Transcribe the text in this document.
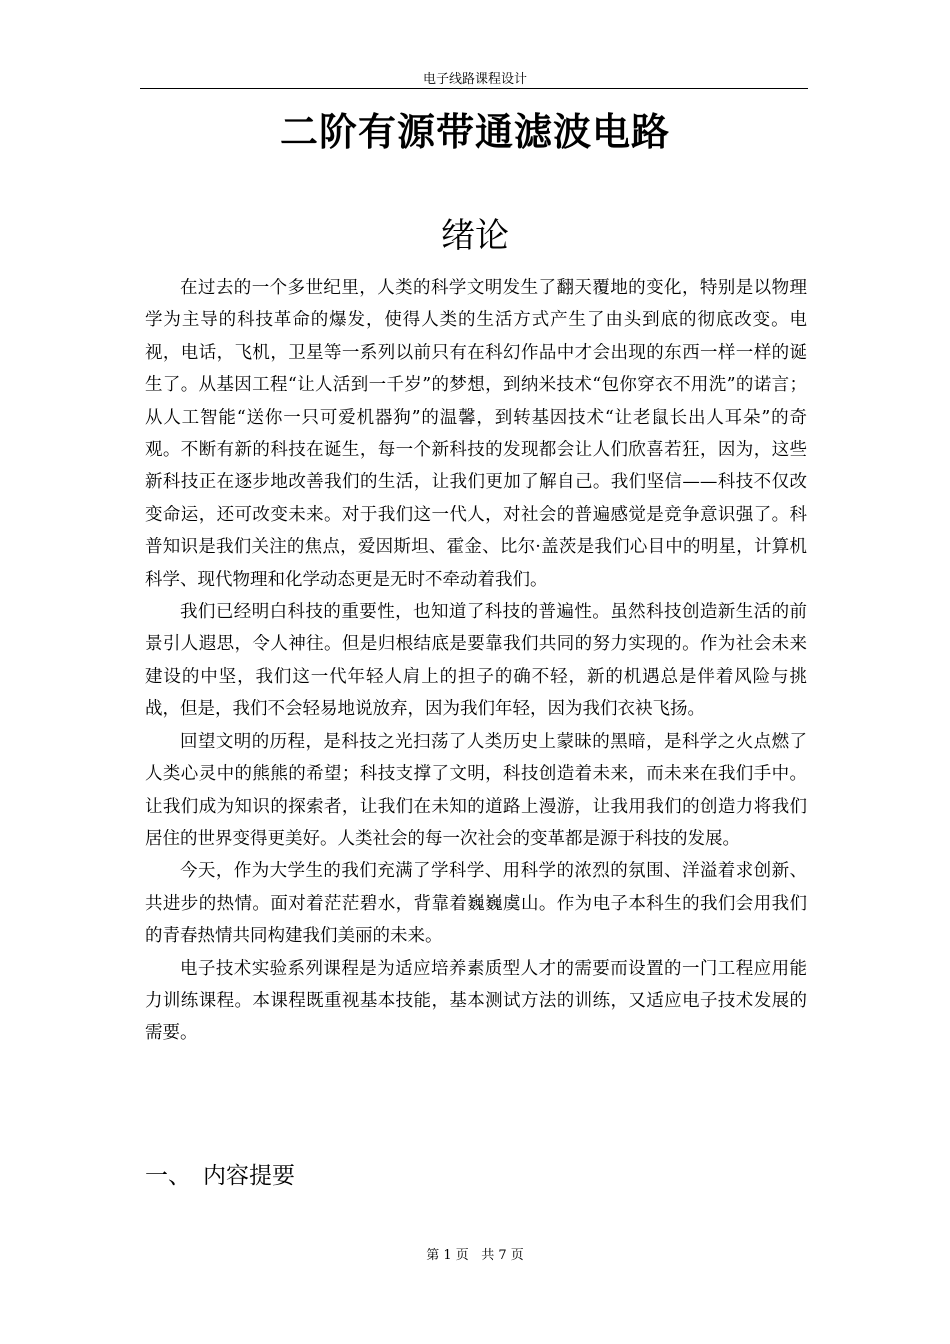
电子线路课程设计
二阶有源带通滤波电路
绪论

在过去的一个多世纪里，人类的科学文明发生了翻天覆地的变化，特别是以物理学为主导的科技革命的爆发，使得人类的生活方式产生了由头到底的彻底改变。电视，电话，飞机，卫星等一系列以前只有在科幻作品中才会出现的东西一样一样的诞生了。从基因工程“让人活到一千岁”的梦想，到纳米技术“包你穿衣不用洗”的诺言；从人工智能“送你一只可爱机器狗”的温馨，到转基因技术“让老鼠长出人耳朵”的奇观。不断有新的科技在诞生，每一个新科技的发现都会让人们欣喜若狂，因为，这些新科技正在逐步地改善我们的生活，让我们更加了解自己。我们坚信——科技不仅改变命运，还可改变未来。对于我们这一代人，对社会的普遍感觉是竞争意识强了。科普知识是我们关注的焦点，爱因斯坦、霍金、比尔·盖茨是我们心目中的明星，计算机科学、现代物理和化学动态更是无时不牵动着我们。

我们已经明白科技的重要性，也知道了科技的普遍性。虽然科技创造新生活的前景引人遐思，令人神往。但是归根结底是要靠我们共同的努力实现的。作为社会未来建设的中坚，我们这一代年轻人肩上的担子的确不轻，新的机遇总是伴着风险与挑战，但是，我们不会轻易地说放弃，因为我们年轻，因为我们衣袂飞扬。

回望文明的历程，是科技之光扫荡了人类历史上蒙昧的黑暗，是科学之火点燃了人类心灵中的熊熊的希望；科技支撑了文明，科技创造着未来，而未来在我们手中。让我们成为知识的探索者，让我们在未知的道路上漫游，让我用我们的创造力将我们居住的世界变得更美好。人类社会的每一次社会的变革都是源于科技的发展。

今天，作为大学生的我们充满了学科学、用科学的浓烈的氛围、洋溢着求创新、共进步的热情。面对着茫茫碧水，背靠着巍巍虞山。作为电子本科生的我们会用我们的青春热情共同构建我们美丽的未来。

电子技术实验系列课程是为适应培养素质型人才的需要而设置的一门工程应用能力训练课程。本课程既重视基本技能，基本测试方法的训练，又适应电子技术发展的需要。

一、 内容提要
第 1 页   共 7 页
